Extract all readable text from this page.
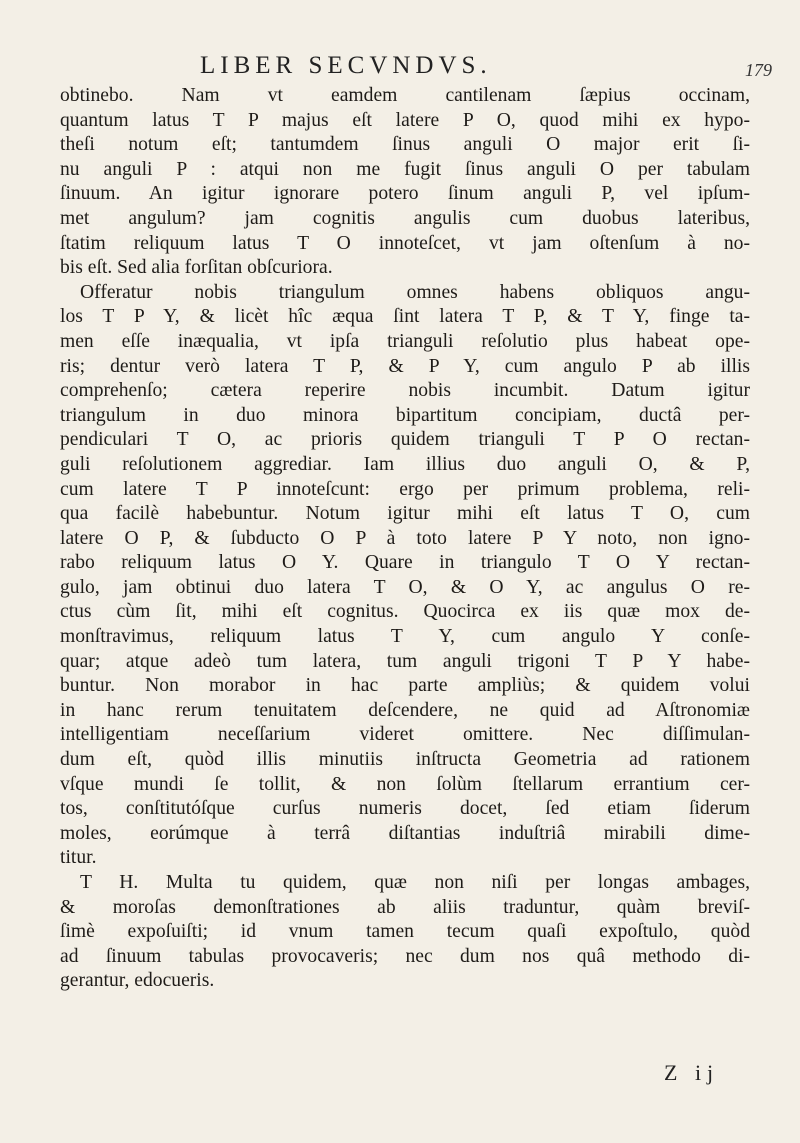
LIBER SECVNDVS.	179
obtinebo. Nam vt eamdem cantilenam ſæpius occinam,
quantum latus T P majus eſt latere P O, quod mihi ex hypo-
theſi notum eſt; tantumdem ſinus anguli O major erit ſi-
nu anguli P : atqui non me fugit ſinus anguli O per tabulam
ſinuum. An igitur ignorare potero ſinum anguli P, vel ipſum-
met angulum? jam cognitis angulis cum duobus lateribus,
ſtatim reliquum latus T O innoteſcet, vt jam oſtenſum à no-
bis eſt. Sed alia forſitan obſcuriora.
Offeratur nobis triangulum omnes habens obliquos angu-
los T P Y, & licèt hîc æqua ſint latera T P, & T Y, finge ta-
men eſſe inæqualia, vt ipſa trianguli reſolutio plus habeat ope-
ris; dentur verò latera T P, & P Y, cum angulo P ab illis
comprehenſo; cætera reperire nobis incumbit. Datum igitur
triangulum in duo minora bipartitum concipiam, ductâ per-
pendiculari T O, ac prioris quidem trianguli T P O rectan-
guli reſolutionem aggrediar. Iam illius duo anguli O, & P,
cum latere T P innoteſcunt: ergo per primum problema, reli-
qua facilè habebuntur. Notum igitur mihi eſt latus T O, cum
latere O P, & ſubducto O P à toto latere P Y noto, non igno-
rabo reliquum latus O Y. Quare in triangulo T O Y rectan-
gulo, jam obtinui duo latera T O, & O Y, ac angulus O re-
ctus cùm ſit, mihi eſt cognitus. Quocirca ex iis quæ mox de-
monſtravimus, reliquum latus T Y, cum angulo Y conſe-
quar; atque adeò tum latera, tum anguli trigoni T P Y habe-
buntur. Non morabor in hac parte ampliùs; & quidem volui
in hanc rerum tenuitatem deſcendere, ne quid ad Aſtronomiæ
intelligentiam neceſſarium videret omittere. Nec diſſimulan-
dum eſt, quòd illis minutiis inſtructa Geometria ad rationem
vſque mundi ſe tollit, & non ſolùm ſtellarum errantium cer-
tos, conſtitutóſque curſus numeris docet, ſed etiam ſiderum
moles, eorúmque à terrâ diſtantias induſtriâ mirabili dime-
titur.
T H. Multa tu quidem, quæ non niſi per longas ambages,
& moroſas demonſtrationes ab aliis traduntur, quàm breviſ-
ſimè expoſuiſti; id vnum tamen tecum quaſi expoſtulo, quòd
ad ſinuum tabulas provocaveris; nec dum nos quâ methodo di-
gerantur, edocueris.
Z ij
